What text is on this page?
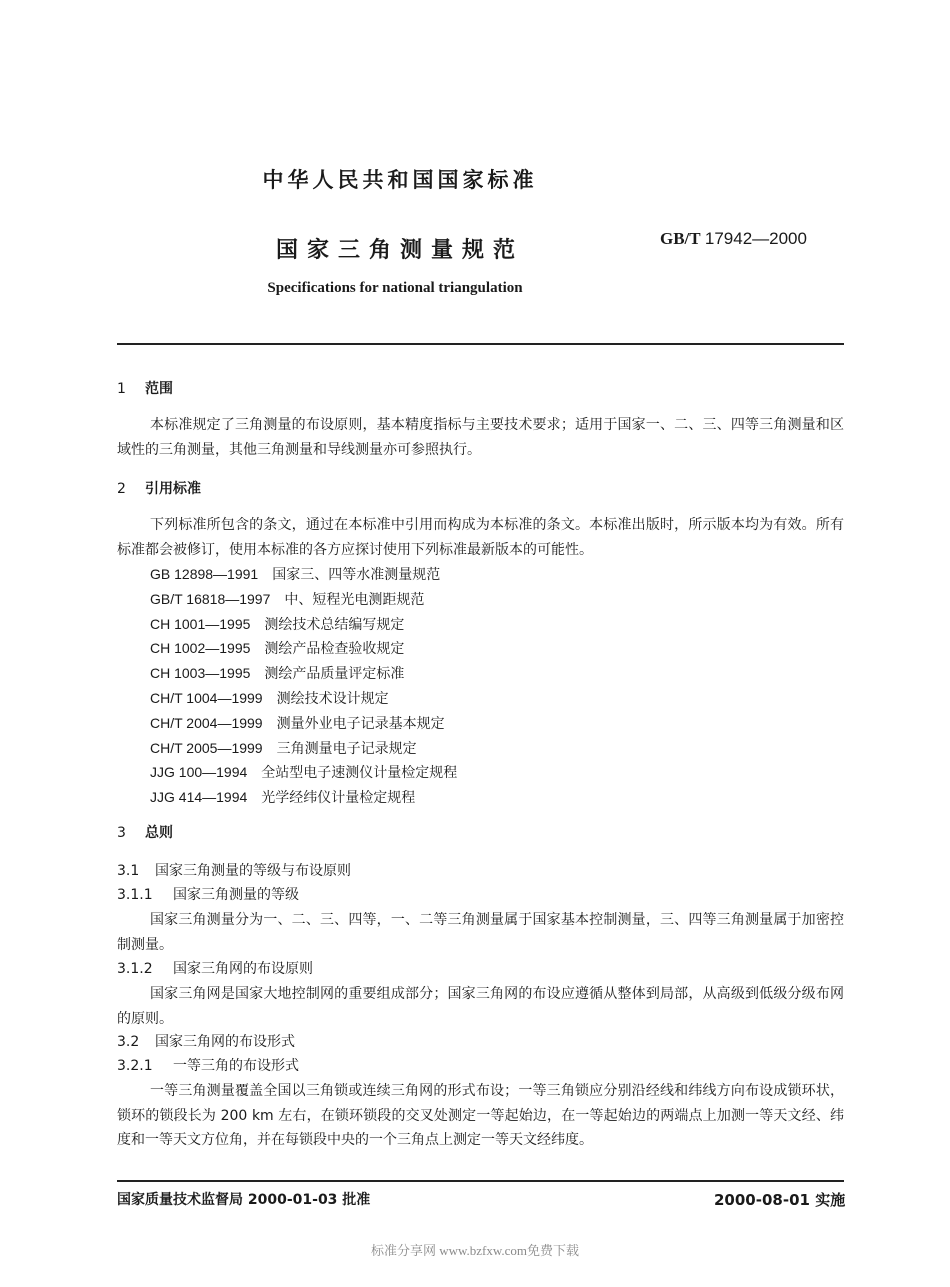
中华人民共和国国家标准
国家三角测量规范	GB/T 17942—2000
Specifications for national triangulation
1 范围
本标准规定了三角测量的布设原则，基本精度指标与主要技术要求；适用于国家一、二、三、四等三角测量和区域性的三角测量，其他三角测量和导线测量亦可参照执行。
2 引用标准
下列标准所包含的条文，通过在本标准中引用而构成为本标准的条文。本标准出版时，所示版本均为有效。所有标准都会被修订，使用本标准的各方应探讨使用下列标准最新版本的可能性。
GB 12898—1991 国家三、四等水准测量规范
GB/T 16818—1997 中、短程光电测距规范
CH 1001—1995 测绘技术总结编写规定
CH 1002—1995 测绘产品检查验收规定
CH 1003—1995 测绘产品质量评定标准
CH/T 1004—1999 测绘技术设计规定
CH/T 2004—1999 测量外业电子记录基本规定
CH/T 2005—1999 三角测量电子记录规定
JJG 100—1994 全站型电子速测仪计量检定规程
JJG 414—1994 光学经纬仪计量检定规程
3 总则
3.1 国家三角测量的等级与布设原则
3.1.1 国家三角测量的等级
国家三角测量分为一、二、三、四等，一、二等三角测量属于国家基本控制测量，三、四等三角测量属于加密控制测量。
3.1.2 国家三角网的布设原则
国家三角网是国家大地控制网的重要组成部分；国家三角网的布设应遵循从整体到局部，从高级到低级分级布网的原则。
3.2 国家三角网的布设形式
3.2.1 一等三角的布设形式
一等三角测量覆盖全国以三角锁或连续三角网的形式布设；一等三角锁应分别沿经线和纬线方向布设成锁环状，锁环的锁段长为 200 km 左右，在锁环锁段的交叉处测定一等起始边，在一等起始边的两端点上加测一等天文经、纬度和一等天文方位角，并在每锁段中央的一个三角点上测定一等天文经纬度。
国家质量技术监督局 2000-01-03 批准	2000-08-01 实施
标准分享网 www.bzfxw.com免费下载
